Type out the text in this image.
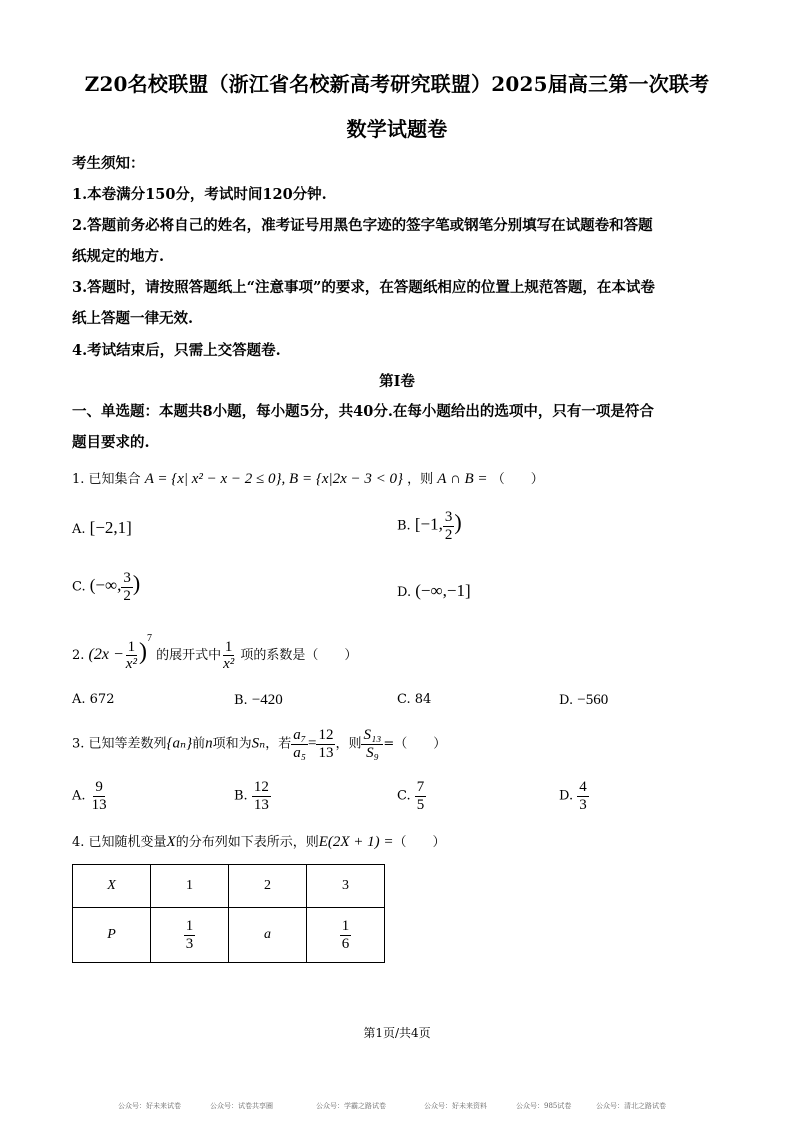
Z20名校联盟（浙江省名校新高考研究联盟）2025届高三第一次联考
数学试题卷
考生须知：
1.本卷满分150分，考试时间120分钟.
2.答题前务必将自己的姓名，准考证号用黑色字迹的签字笔或钢笔分别填写在试题卷和答题
纸规定的地方.
3.答题时，请按照答题纸上“注意事项”的要求，在答题纸相应的位置上规范答题，在本试卷
纸上答题一律无效.
4.考试结束后，只需上交答题卷.
第Ⅰ卷
一、单选题：本题共8小题，每小题5分，共40分.在每小题给出的选项中，只有一项是符合
题目要求的.
1. 已知集合 A = {x| x² − x − 2 ≤ 0}, B = {x|2x − 3 < 0} ，则 A ∩ B = （　　）
A. [−2,1]	B. [−1, $\frac{3}{2}$ )
C. (−∞, $\frac{3}{2}$ )	D. (−∞,−1]
2. $(2x - \frac{1}{\text{x²}} )^7$ 的展开式中 $\frac{1}{\text{x²}}$ 项的系数是（　　）
A. 672	B. −420	C. 84	D. −560
3. 已知等差数列{aₙ}前n项和为Sₙ，若 $\frac{\text{a₇}}{\text{a₅}} = \frac{12}{13}$ ，则 $\frac{\text{S₁₃}}{\text{S₉}}$ =（　　）
A. $\frac{9}{13}$	B. $\frac{12}{13}$	C. $\frac{7}{5}$	D. $\frac{4}{3}$
4. 已知随机变量X的分布列如下表所示，则E(2X + 1) =（　　）
X	1	2	3
P	$\frac{1}{3}$	a	$\frac{1}{6}$
第1页/共4页
公众号：好未来试卷	公众号：试卷共享圈	公众号：学霸之路试卷	公众号：好未来资料	公众号：985试卷	公众号：清北之路试卷
